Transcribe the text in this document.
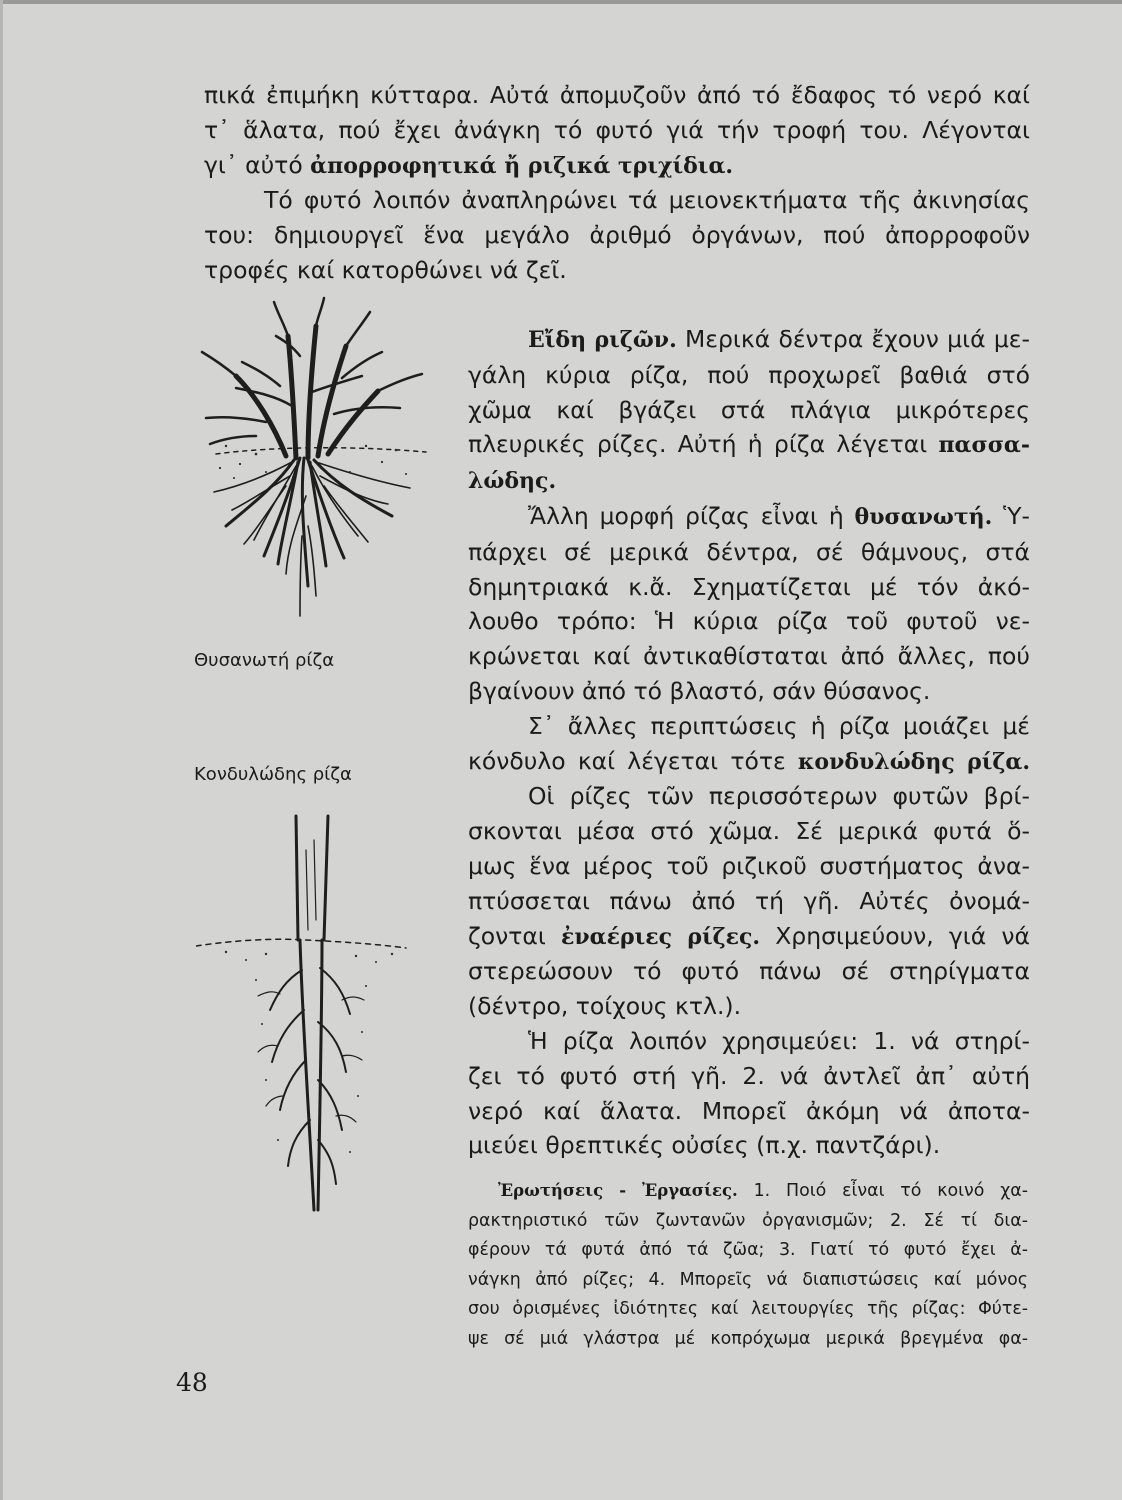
πικά ἐπιμήκη κύτταρα. Αὐτά ἀπομυζοῦν ἀπό τό ἔδαφος τό νερό καί
τ᾿ ἅλατα, πού ἔχει ἀνάγκη τό φυτό γιά τήν τροφή του. Λέγονται

γι᾿ αὐτό ἀπορροφητικά ἤ ριζικά τριχίδια.

Τό φυτό λοιπόν ἀναπληρώνει τά μειονεκτήματα τῆς ἀκινησίας
του: δημιουργεῖ ἕνα μεγάλο ἀριθμό ὀργάνων, πού ἀπορροφοῦν

τροφές καί κατορθώνει νά ζεῖ.

Εἴδη ριζῶν. Μερικά δέντρα ἔχουν μιά με-
γάλη κύρια ρίζα, πού προχωρεῖ βαθιά στό
χῶμα καί βγάζει στά πλάγια μικρότερες
πλευρικές ρίζες. Αὐτή ἡ ρίζα λέγεται πασσα-

λώδης.

Ἄλλη μορφή ρίζας εἶναι ἡ θυσανωτή. Ὑ-
πάρχει σέ μερικά δέντρα, σέ θάμνους, στά
δημητριακά κ.ἄ. Σχηματίζεται μέ τόν ἀκό-
λουθο τρόπο: Ἡ κύρια ρίζα τοῦ φυτοῦ νε-
κρώνεται καί ἀντικαθίσταται ἀπό ἄλλες, πού

βγαίνουν ἀπό τό βλαστό, σάν θύσανος.

Σ᾿ ἄλλες περιπτώσεις ἡ ρίζα μοιάζει μέ
κόνδυλο καί λέγεται τότε κονδυλώδης ρίζα.

Οἱ ρίζες τῶν περισσότερων φυτῶν βρί-
σκονται μέσα στό χῶμα. Σέ μερικά φυτά ὅ-
μως ἕνα μέρος τοῦ ριζικοῦ συστήματος ἀνα-
πτύσσεται πάνω ἀπό τή γῆ. Αὐτές ὀνομά-
ζονται ἐναέριες ρίζες. Χρησιμεύουν, γιά νά
στερεώσουν τό φυτό πάνω σέ στηρίγματα

(δέντρο, τοίχους κτλ.).

Ἡ ρίζα λοιπόν χρησιμεύει: 1. νά στηρί-
ζει τό φυτό στή γῆ. 2. νά ἀντλεῖ ἀπ᾿ αὐτή
νερό καί ἅλατα. Μπορεῖ ἀκόμη νά ἀποτα-

μιεύει θρεπτικές οὐσίες (π.χ. παντζάρι).

Ἐρωτήσεις - Ἐργασίες. 1. Ποιό εἶναι τό κοινό χα-
ρακτηριστικό τῶν ζωντανῶν ὀργανισμῶν; 2. Σέ τί δια-
φέρουν τά φυτά ἀπό τά ζῶα; 3. Γιατί τό φυτό ἔχει ἀ-
νάγκη ἀπό ρίζες; 4. Μπορεῖς νά διαπιστώσεις καί μόνος
σου ὁρισμένες ἰδιότητες καί λειτουργίες τῆς ρίζας: Φύτε-
ψε σέ μιά γλάστρα μέ κοπρόχωμα μερικά βρεγμένα φα-

Θυσανωτή ρίζα

Κονδυλώδης ρίζα

48
